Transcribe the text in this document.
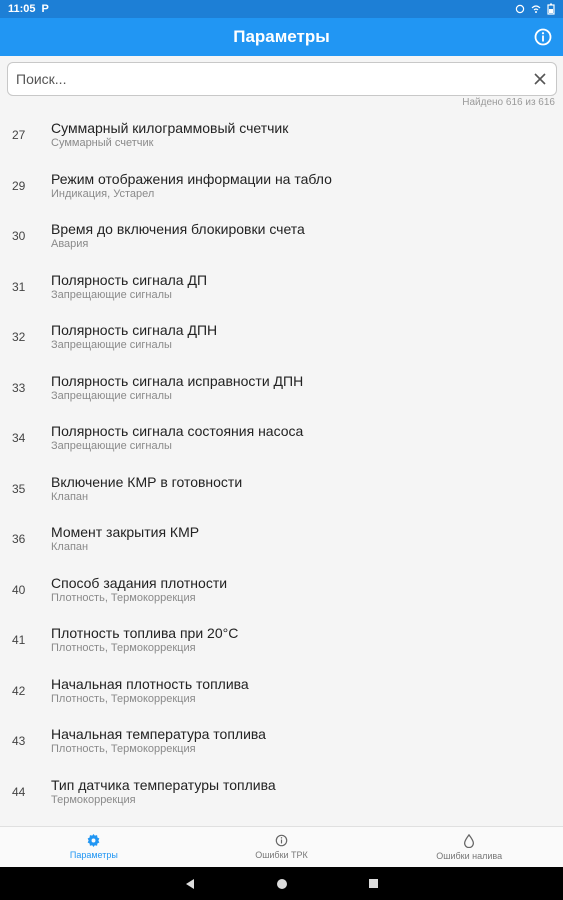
11:05 P
Параметры
Поиск...
Найдено 616 из 616
27 Суммарный килограммовый счетчик
Суммарный счетчик
29 Режим отображения информации на табло
Индикация, Устарел
30 Время до включения блокировки счета
Авария
31 Полярность сигнала ДП
Запрещающие сигналы
32 Полярность сигнала ДПН
Запрещающие сигналы
33 Полярность сигнала исправности ДПН
Запрещающие сигналы
34 Полярность сигнала состояния насоса
Запрещающие сигналы
35 Включение КМР в готовности
Клапан
36 Момент закрытия КМР
Клапан
40 Способ задания плотности
Плотность, Термокоррекция
41 Плотность топлива при 20°С
Плотность, Термокоррекция
42 Начальная плотность топлива
Плотность, Термокоррекция
43 Начальная температура топлива
Плотность, Термокоррекция
44 Тип датчика температуры топлива
Термокоррекция
Параметры	Ошибки ТРК	Ошибки налива
